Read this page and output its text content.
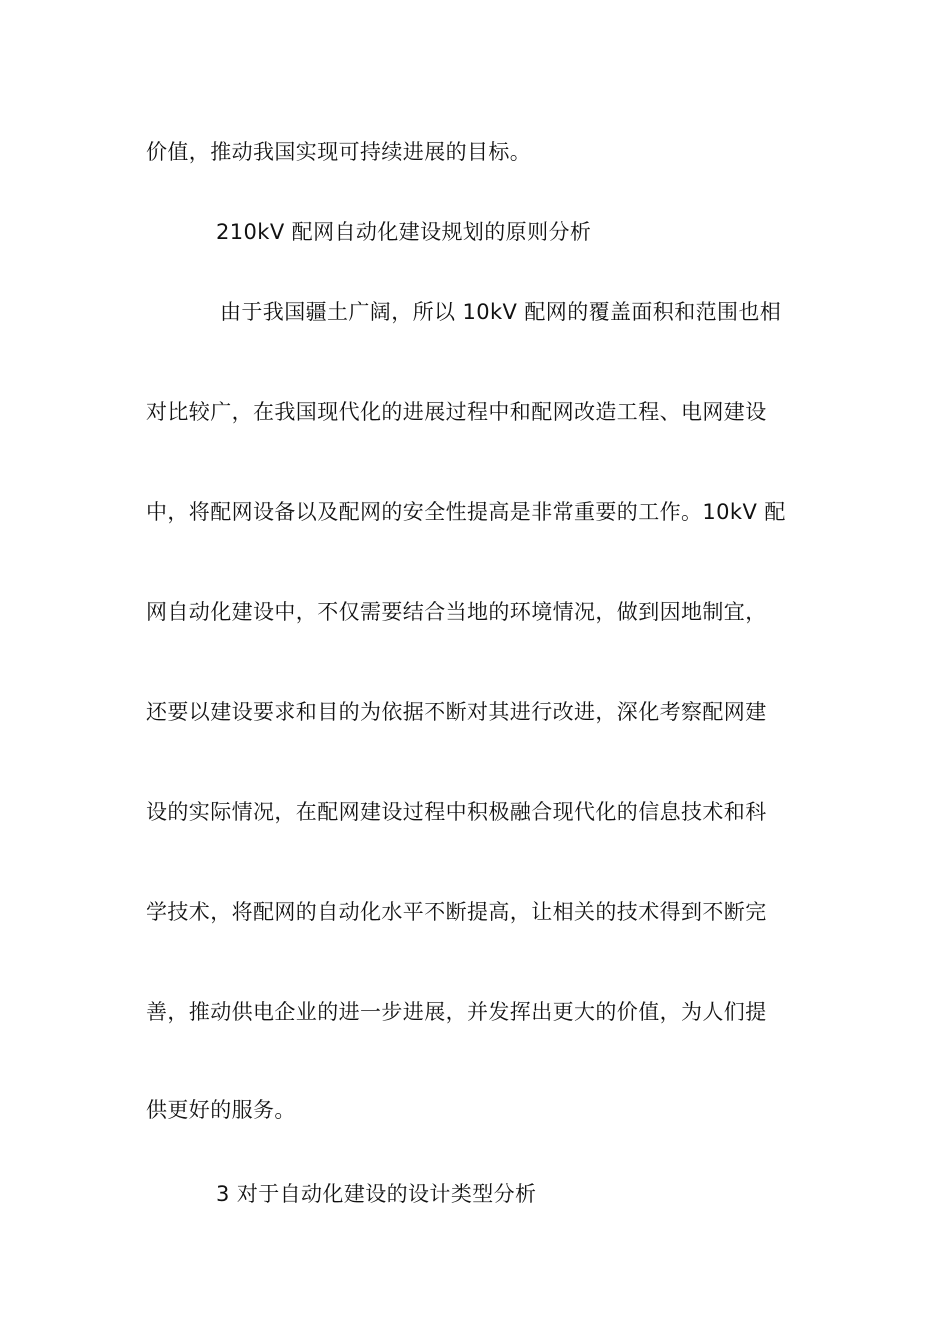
价值，推动我国实现可持续进展的目标。
210kV 配网自动化建设规划的原则分析
由于我国疆土广阔，所以 10kV 配网的覆盖面积和范围也相
对比较广，在我国现代化的进展过程中和配网改造工程、电网建设
中，将配网设备以及配网的安全性提高是非常重要的工作。10kV 配
网自动化建设中，不仅需要结合当地的环境情况，做到因地制宜，
还要以建设要求和目的为依据不断对其进行改进，深化考察配网建
设的实际情况，在配网建设过程中积极融合现代化的信息技术和科
学技术，将配网的自动化水平不断提高，让相关的技术得到不断完
善，推动供电企业的进一步进展，并发挥出更大的价值，为人们提
供更好的服务。
3 对于自动化建设的设计类型分析
